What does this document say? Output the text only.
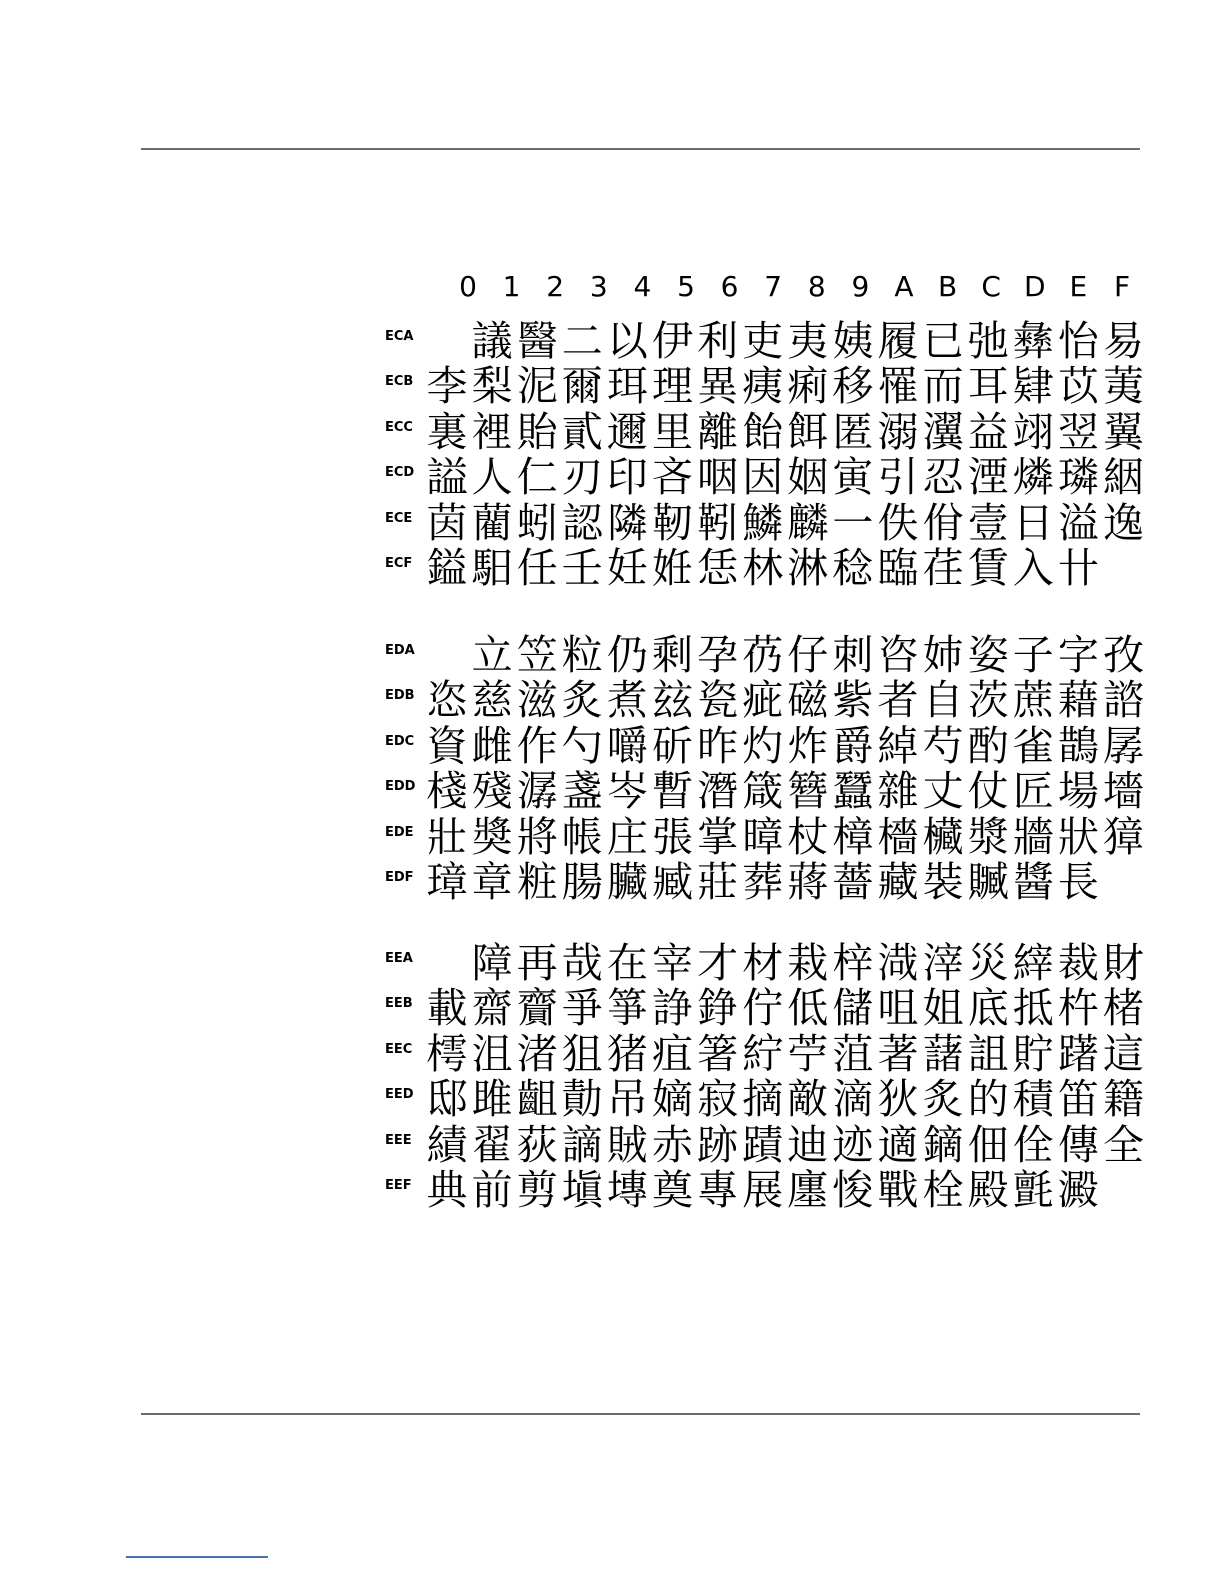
0 1 2 3 4 5 6 7 8 9 A B C D E F
ECA	議 醫 二 以 伊 利 吏 夷 姨 履 已 弛 彝 怡 易
ECB 李 梨 泥 爾 珥 理 異 痍 痢 移 罹 而 耳 肄 苡 荑
ECC 裏 裡 貽 貳 邇 里 離 飴 餌 匿 溺 瀷 益 翊 翌 翼
ECD 謚 人 仁 刃 印 吝 咽 因 姻 寅 引 忍 湮 燐 璘 絪
ECE 茵 藺 蚓 認 隣 靭 靷 鱗 麟 一 佚 佾 壹 日 溢 逸
ECF 鎰 馹 任 壬 妊 姙 恁 林 淋 稔 臨 荏 賃 入 卄
EDA 立 笠 粒 仍 剩 孕 芿 仔 刺 咨 姉 姿 子 字 孜
EDB 恣 慈 滋 炙 煮 玆 瓷 疵 磁 紫 者 自 茨 蔗 藉 諮
EDC 資 雌 作 勺 嚼 斫 昨 灼 炸 爵 綽 芍 酌 雀 鵲 孱
EDD 棧 殘 潺 盞 岑 暫 潛 箴 簪 蠶 雜 丈 仗 匠 場 墻
EDE 壯 奬 將 帳 庄 張 掌 暲 杖 樟 檣 欌 漿 牆 狀 獐
EDF 璋 章 粧 腸 臟 臧 莊 葬 蔣 薔 藏 裝 贓 醬 長
EEA	障 再 哉 在 宰 才 材 栽 梓 渽 滓 災 縡 裁 財
EEB 載 齋 齎 爭 箏 諍 錚 佇 低 儲 咀 姐 底 抵 杵 楮
EEC 樗 沮 渚 狙 猪 疽 箸 紵 苧 菹 著 藷 詛 貯 躇 這
EED 邸 雎 齟 勣 吊 嫡 寂 摘 敵 滴 狄 炙 的 積 笛 籍
EEE 績 翟 荻 謫 賊 赤 跡 蹟 迪 迹 適 鏑 佃 佺 傳 全
EEF 典 前 剪 塡 塼 奠 專 展 廛 悛 戰 栓 殿 氈 澱
